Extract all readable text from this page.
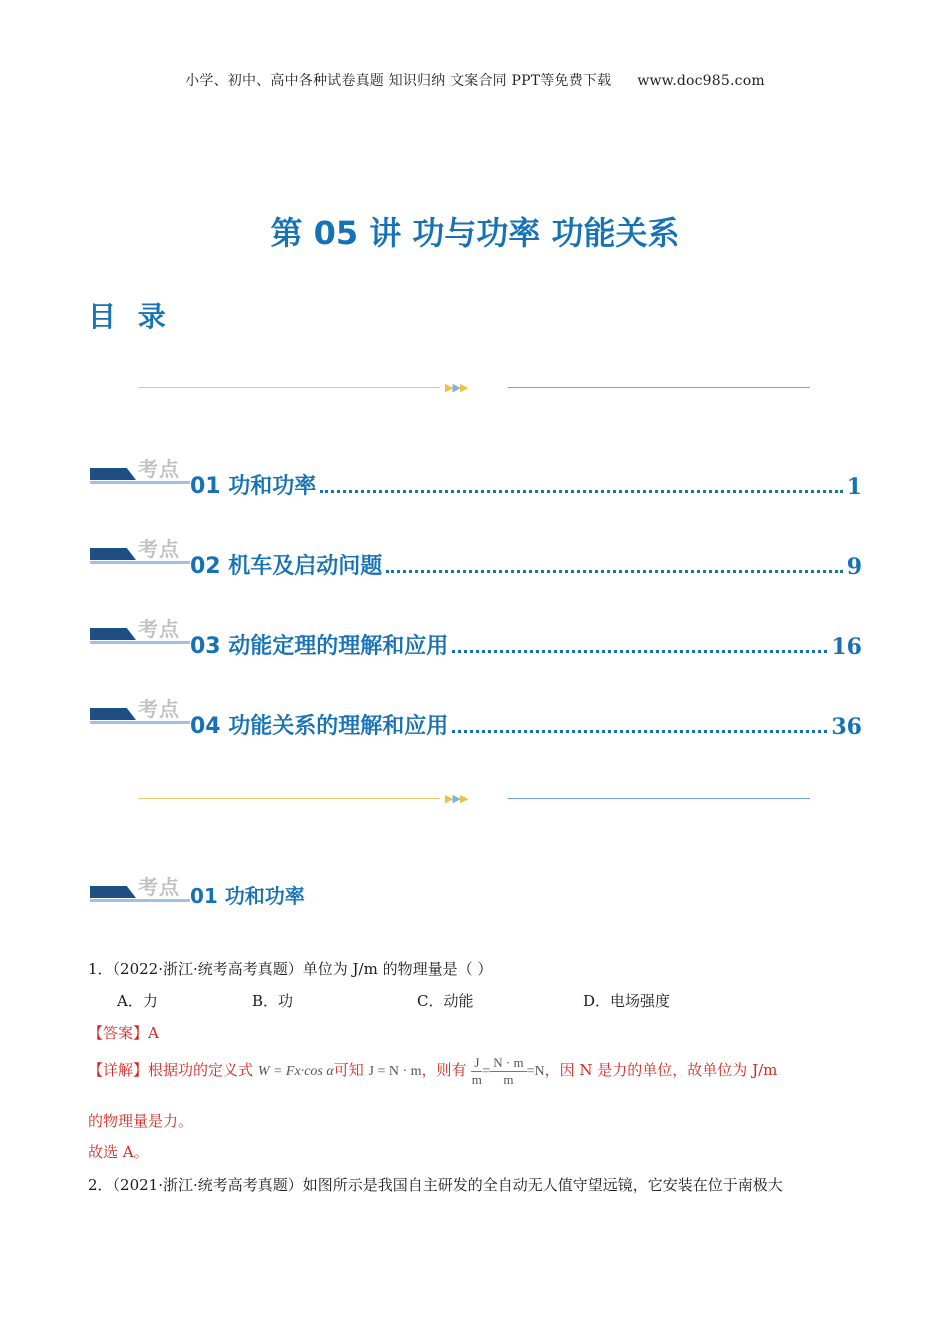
小学、初中、高中各种试卷真题 知识归纳 文案合同 PPT等免费下载 www.doc985.com
第 05 讲 功与功率 功能关系
目 录
▶▶▶
考点
01 功和功率	1
考点
02 机车及启动问题	9
考点
03 动能定理的理解和应用	16
考点
04 功能关系的理解和应用	36
▶▶▶
考点 01 功和功率
1．（2022·浙江·统考高考真题）单位为 J/m 的物理量是（ ）
A．力	B．功	C．动能	D．电场强度
【答案】A
【详解】根据功的定义式 W = Fx·cos α可知 J = N · m，则有 $\frac{J}{m} = \frac{N \cdot m}{m} =N$，因 N 是力的单位，故单位为 J/m
的物理量是力。
故选 A。
2．（2021·浙江·统考高考真题）如图所示是我国自主研发的全自动无人值守望远镜，它安装在位于南极大
